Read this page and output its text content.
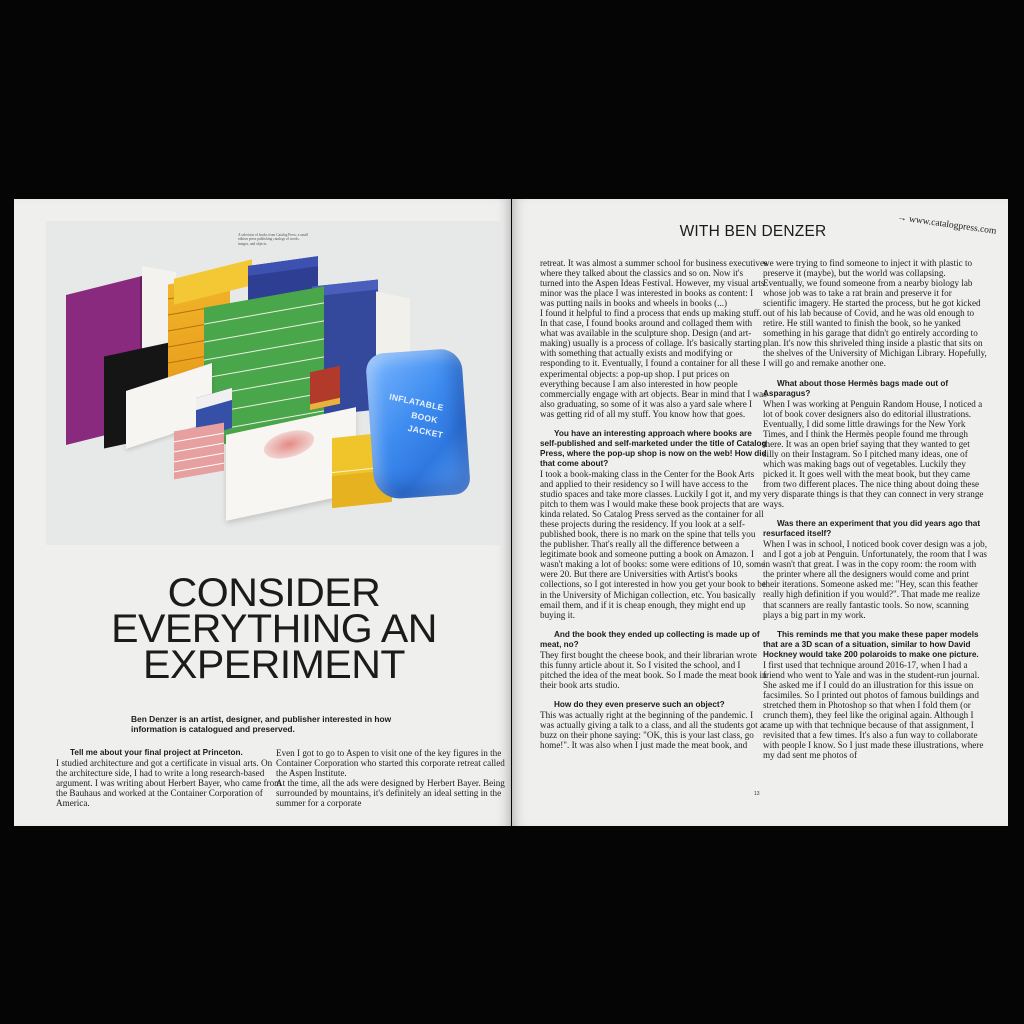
A selection of books from Catalog Press: a small edition press publishing catalogs of words, images, and objects.
INFLATABLE
BOOK
JACKET
CONSIDER
EVERYTHING AN
EXPERIMENT

Ben Denzer is an artist, designer, and publisher interested in how information is catalogued and preserved.

Tell me about your final project at Princeton.

I studied architecture and got a certificate in visual arts. On the architecture side, I had to write a long research-based argument. I was writing about Herbert Bayer, who came from the Bauhaus and worked at the Container Corporation of America.

Even I got to go to Aspen to visit one of the key figures in the Container Corporation who started this corporate retreat called the Aspen Institute.

At the time, all the ads were designed by Herbert Bayer. Being surrounded by mountains, it's definitely an ideal setting in the summer for a corporate

WITH BEN DENZER	→ www.catalogpress.com

retreat. It was almost a summer school for business executives where they talked about the classics and so on. Now it's turned into the Aspen Ideas Festival. However, my visual arts minor was the place I was interested in books as content: I was putting nails in books and wheels in books (...)

I found it helpful to find a process that ends up making stuff. In that case, I found books around and collaged them with what was available in the sculpture shop. Design (and art-making) usually is a process of collage. It's basically starting with something that actually exists and modifying or responding to it. Eventually, I found a container for all these experimental objects: a pop-up shop. I put prices on everything because I am also interested in how people commercially engage with art objects. Bear in mind that I was also graduating, so some of it was also a yard sale where I was getting rid of all my stuff. You know how that goes.

You have an interesting approach where books are self-published and self-marketed under the title of Catalog Press, where the pop-up shop is now on the web! How did that come about?

I took a book-making class in the Center for the Book Arts and applied to their residency so I will have access to the studio spaces and take more classes. Luckily I got it, and my pitch to them was I would make these book projects that are kinda related. So Catalog Press served as the container for all these projects during the residency. If you look at a self-published book, there is no mark on the spine that tells you the publisher. That's really all the difference between a legitimate book and someone putting a book on Amazon. I wasn't making a lot of books: some were editions of 10, some were 20. But there are Universities with Artist's books collections, so I got interested in how you get your book to be in the University of Michigan collection, etc. You basically email them, and if it is cheap enough, they might end up buying it.

And the book they ended up collecting is made up of meat, no?

They first bought the cheese book, and their librarian wrote this funny article about it. So I visited the school, and I pitched the idea of the meat book. So I made the meat book in their book arts studio.

How do they even preserve such an object?

This was actually right at the beginning of the pandemic. I was actually giving a talk to a class, and all the students got a buzz on their phone saying: "OK, this is your last class, go home!". It was also when I just made the meat book, and

we were trying to find someone to inject it with plastic to preserve it (maybe), but the world was collapsing. Eventually, we found someone from a nearby biology lab whose job was to take a rat brain and preserve it for scientific imagery. He started the process, but he got kicked out of his lab because of Covid, and he was old enough to retire. He still wanted to finish the book, so he yanked something in his garage that didn't go entirely according to plan. It's now this shriveled thing inside a plastic that sits on the shelves of the University of Michigan Library. Hopefully, I will go and remake another one.

What about those Hermès bags made out of Asparagus?

When I was working at Penguin Random House, I noticed a lot of book cover designers also do editorial illustrations. Eventually, I did some little drawings for the New York Times, and I think the Hermès people found me through there. It was an open brief saying that they wanted to get silly on their Instagram. So I pitched many ideas, one of which was making bags out of vegetables. Luckily they picked it. It goes well with the meat book, but they came from two different places. The nice thing about doing these very disparate things is that they can connect in very strange ways.

Was there an experiment that you did years ago that resurfaced itself?

When I was in school, I noticed book cover design was a job, and I got a job at Penguin. Unfortunately, the room that I was in wasn't that great. I was in the copy room: the room with the printer where all the designers would come and print their iterations. Someone asked me: "Hey, scan this feather really high definition if you would?". That made me realize that scanners are really fantastic tools. So now, scanning plays a big part in my work.

This reminds me that you make these paper models that are a 3D scan of a situation, similar to how David Hockney would take 200 polaroids to make one picture.

I first used that technique around 2016-17, when I had a friend who went to Yale and was in the student-run journal. She asked me if I could do an illustration for this issue on facsimiles. So I printed out photos of famous buildings and stretched them in Photoshop so that when I fold them (or crunch them), they feel like the original again. Although I came up with that technique because of that assignment, I revisited that a few times. It's also a fun way to collaborate with people I know. So I just made these illustrations, where my dad sent me photos of

13
